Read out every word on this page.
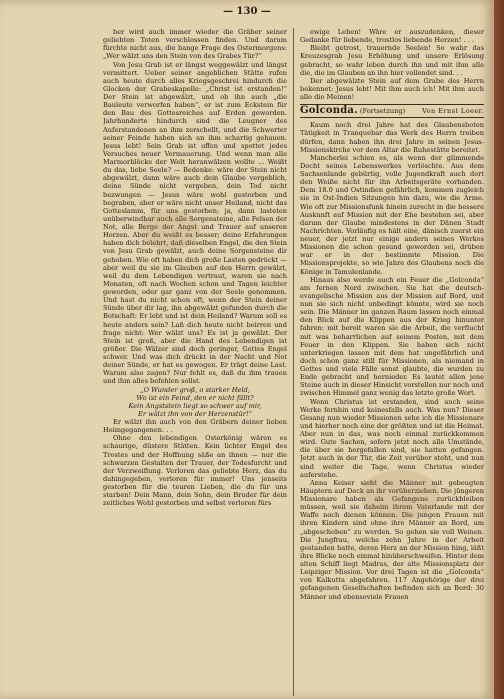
— 130 —

ber wird auch immer wieder die Gräber seiner geliebten Toten verschlossen finden. Und darum fürchte nicht aus, die bange Frage des Ostermorgens: „Wer wälzt uns den Stein von des Grabes Tür?“

Von Jesu Grab ist er längst weggewälzt und längst vermittert. Ueber seiner angeblichen Stätte rufen auch heute durch alles Kriegsgeschrei hindurch die Glocken der Grabeskapelle: „Christ ist erstanden!“ Der Stein ist abgewälzt, und ob ihn auch „die Bauleute verworfen haben“, er ist zum Eckstein für den Bau des Gottesreiches auf Erden geworden. Jahrhunderte hindurch sind die Leugner des Auferstandenen an ihm zerschellt, und die Schwerter seiner Feinde haben sich an ihm schartig gehauen. Jesus lebt! Sein Grab ist offen und spottet jedes Versuches neuer Vermauerung. Und wenn man alle Marmorblöcke der Welt heranwälzen wollte ... Weißt du das, liebe Seele? — Bedenke: wäre der Stein nicht abgewälzt, dann wäre auch dein Glaube vergeblich, deine Sünde nicht vergeben, dein Tod nicht bezwungen — Jesus wäre wohl gestorben und begraben, aber er wäre nicht unser Heiland, nicht das Gotteslamm, für uns gestorben; ja, dann lasteten unüberwindbar auch alle Sorgensteine, alle Felsen der Not, alle Berge der Angst und Trauer auf unseren Herzen. Aber du weißt es besser; deine Erfahrungen haben dich belehrt, daß dieselben Engel, die den Stein von Jesu Grab gewälzt, auch deine Sorgensteine dir gehoben. Wie oft haben dich große Lasten gedrückt — aber weil du sie im Glauben auf den Herrn gewälzt, weil du dem Lebendigen vertraut, waren sie nach Monaten, oft nach Wochen schon und Tagen leichter geworden, oder gar ganz von der Seele genommen. Und hast du nicht schon oft, wenn der Stein deiner Sünde über dir lag, ihn abgewälzt gefunden durch die Botschaft: Er lebt und ist dein Heiland? Warum soll es heute anders sein? Laß dich heute nicht beirren und frage nicht: Wer wälzt uns? Es ist ja gewälzt. Der Stein ist groß, aber die Hand des Lebendigen ist größer. Die Wälzer sind doch geringer, Gottes Engel schwer. Und was dich drückt in der Nacht und Not deiner Sünde, er hat es gewogen. Er trägt deine Last. Warum also zagen? Nur fehlt es, daß du ihm trauen und ihm alles befehlen sollst.

„O Wunder groß, o starker Held,

Wo ist ein Feind, den er nicht fällt?

Kein Angststein liegt so schwer auf mir,

Er wälzt ihn von der Herzenstür!“

Er wälzt ihn auch von den Gräbern deiner lieben Heimgegangenen. . .

Ohne den lebendigen Osterkönig wären es schaurige, düstere Stätten. Kein lichter Engel des Trostes und der Hoffnung säße an ihnen — nur die schwarzen Gestalten der Trauer, der Todesfurcht und der Verzweiflung. Verloren das geliebte Herz, das du dahingegeben, verloren für immer! Uns jenseits gestorben für die teuren Lieben, die du für uns starben! Dein Mann, dein Sohn, dein Bruder für dein zeitliches Wohl gestorben und selbst verloren fürs

ewige Leben! Wäre er auszudenken, dieser Gedanke für liebende, trostlos liebende Herzen! . . .

Bleibt getrost, trauernde Seelen! So wahr das Kreuzesgrab Jesu Erhöhung und unsere Erlösung gebracht, so wahr leben durch ihn und mit ihm alle die, die im Glauben an ihn hier vollendet sind. . .

Der abgewälzte Stein auf dem Grabe des Herrn bekennet: Jesus lebt! Mit ihm auch ich! Mit ihm auch alle die Meinen!

Golconda. (Fortsetzung)	Von Ernst Loeer.

Kaum noch drei Jahre hat des Glaubensboten Tätigkeit in Tranquebar das Werk des Herrn treiben dürfen, dann haben ihn drei Jahre in seinen Jesus-Missionskirche vor dem Altar die Ruhestätte bereitet.

Mancherlei schien es, als wenn der glimmende Docht seines Lebenswerkes verlöschte. Aus dem Sachsenlande gebürtig, volle Jugendkraft auch dort den Weiße nicht für ihn Arbeitsgeräte vorhanden. Dem 18.0 und Ostindien gefährlich, kommen zugleich sie in Ost-Indien Sitzungen hin dazu, wie die Arme. Wie oft zur Missionsfunk hinein zurecht in die bessere Auskunft auf Mission mit der Ehe bestehen sei, aber darum der Glaube mindestens in der Dänen Stadt Nachrichten. Vorläufig es hält eine, dänisch zuerst ein neuer, der jetzt nur einige andern seines Werkes Missionen die schon gesund geworden sei, drüben war er in der bestimmte Mission. Die Missionsprojekte, so wie Jahre des Glaubens noch die Könige in Tamulenlande.

Hinaus also werde auch ein Feuer die „Golconda“ am fernen Nord zwischen. Sie hat die deutsch-evangelische Mission aus der Mission auf Bord, und nun sie sich nicht unbedingt könnte, wird sie noch sein. Die Männer im ganzen Raum lassen noch einmal den Blick auf die Klippen aus der Krieg hinunter fahren: mit bereit waren sie die Arbeit, die verflucht mit was beharrlichen auf seinem Posten, mit dem Feuer in den Klippen. Sie haben sich nicht unterkriegen lassen mit dem hat ungefährlich und doch schon ganz still für Missionen, als niemand in Gottes und viele Fälle sonst glaubte, die wurden zu Ende gebracht und hernieder. Es lautet allen jene Steine auch in dieser Hinsicht vorstellen nur noch und zwischen Himmel ganz wenig das letzte große Wort.

Wenn Christus ist erstanden, sind auch seine Werke fernhin und keinesfalls auch. Was nun? Dieser Gesang nun wieder Missionen sehe ich die Missionare und hierher noch eine der größten und ist die Heimat. Aber nun in das, was noch einmal zurückkommen wird. Gute Sachen, sofern jetzt noch alle Umstände, die über sie hergefallen sind, sie hatten gefangen. Jetzt auch in der Tür, die Zeit vorüber steht, und nun sind weiter die Tage, wenn Christus wieder auferstehe.

Anna Keiser sieht die Männer mit gebeugten Häuptern auf Deck an ihr vorüberziehen. Die jüngeren Missionare haben als Gefangene zurückbleiben müssen, weil sie daheim ihrem Vaterlande mit der Waffe noch dienen können. Die jungen Frauen mit ihren Kindern sind ohne ihre Männer an Bord, um „abgeschoben“ zu werden. So gehen sie voll Weinen. Die Jungfrau, welche zehn Jahre in der Arbeit gestanden hatte, deren Herz an der Mission hing, läßt ihre Blicke noch einmal hinüberschweifen. Hinter dem alten Schiff liegt Madras, der alte Missionsplatz der Leipziger Mission. Vor drei Tagen ist die „Golconda“ von Kalkutta abgefahren. 117 Angehörige der drei gefangenen Gesellschaften befinden sich an Bord: 30 Männer und ebensoviele Frauen
